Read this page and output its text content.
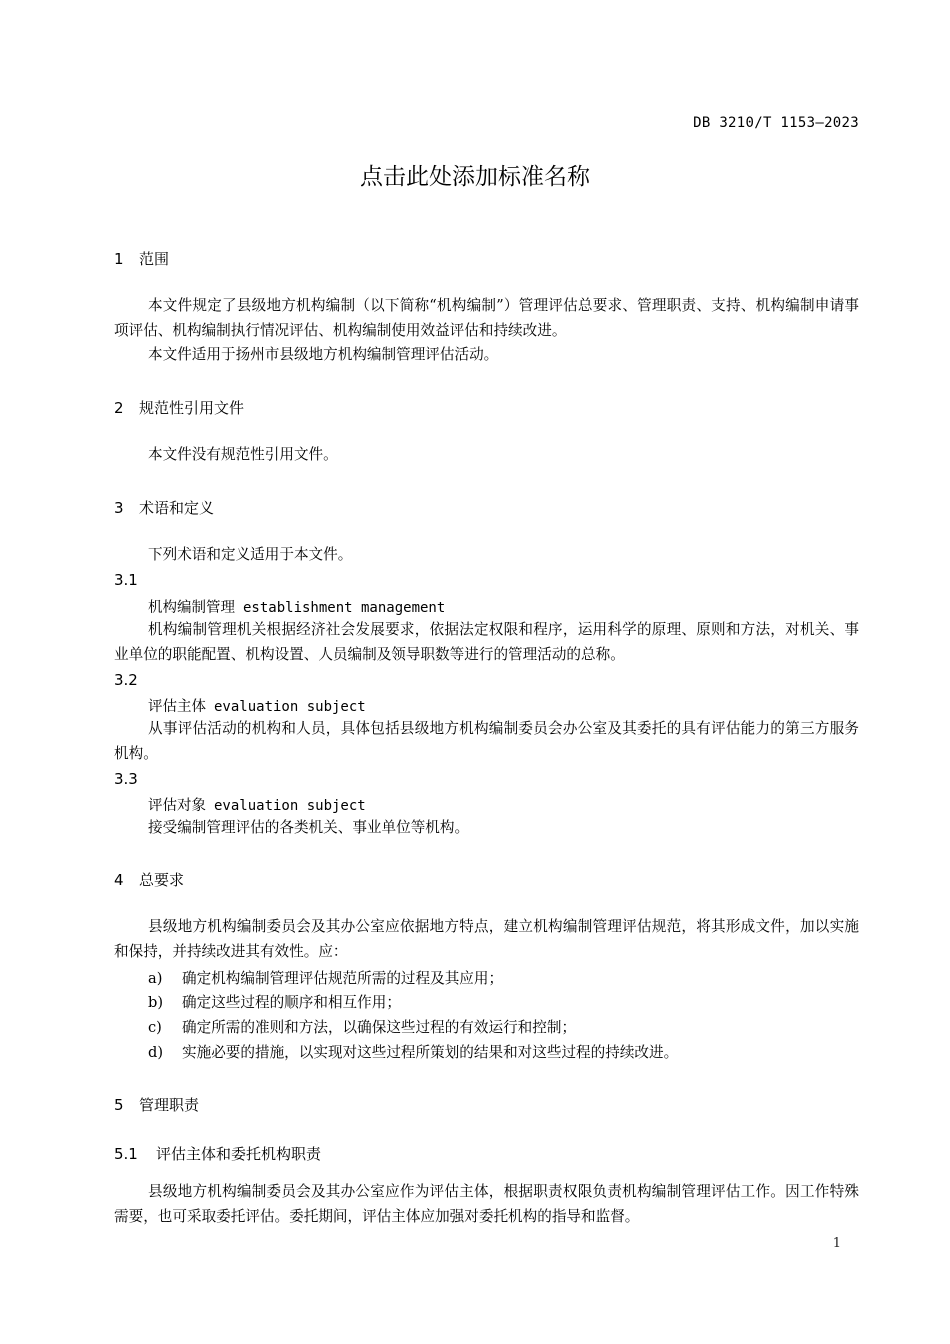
DB 3210/T 1153—2023
点击此处添加标准名称
1 范围
本文件规定了县级地方机构编制（以下简称“机构编制”）管理评估总要求、管理职责、支持、机构编制申请事项评估、机构编制执行情况评估、机构编制使用效益评估和持续改进。
本文件适用于扬州市县级地方机构编制管理评估活动。
2 规范性引用文件
本文件没有规范性引用文件。
3 术语和定义
下列术语和定义适用于本文件。
3.1
机构编制管理 establishment management
机构编制管理机关根据经济社会发展要求，依据法定权限和程序，运用科学的原理、原则和方法，对机关、事业单位的职能配置、机构设置、人员编制及领导职数等进行的管理活动的总称。
3.2
评估主体 evaluation subject
从事评估活动的机构和人员，具体包括县级地方机构编制委员会办公室及其委托的具有评估能力的第三方服务机构。
3.3
评估对象 evaluation subject
接受编制管理评估的各类机关、事业单位等机构。
4 总要求
县级地方机构编制委员会及其办公室应依据地方特点，建立机构编制管理评估规范，将其形成文件，加以实施和保持，并持续改进其有效性。应：
a) 确定机构编制管理评估规范所需的过程及其应用；
b) 确定这些过程的顺序和相互作用；
c) 确定所需的准则和方法，以确保这些过程的有效运行和控制；
d) 实施必要的措施，以实现对这些过程所策划的结果和对这些过程的持续改进。
5 管理职责
5.1 评估主体和委托机构职责
县级地方机构编制委员会及其办公室应作为评估主体，根据职责权限负责机构编制管理评估工作。因工作特殊需要，也可采取委托评估。委托期间，评估主体应加强对委托机构的指导和监督。
1
